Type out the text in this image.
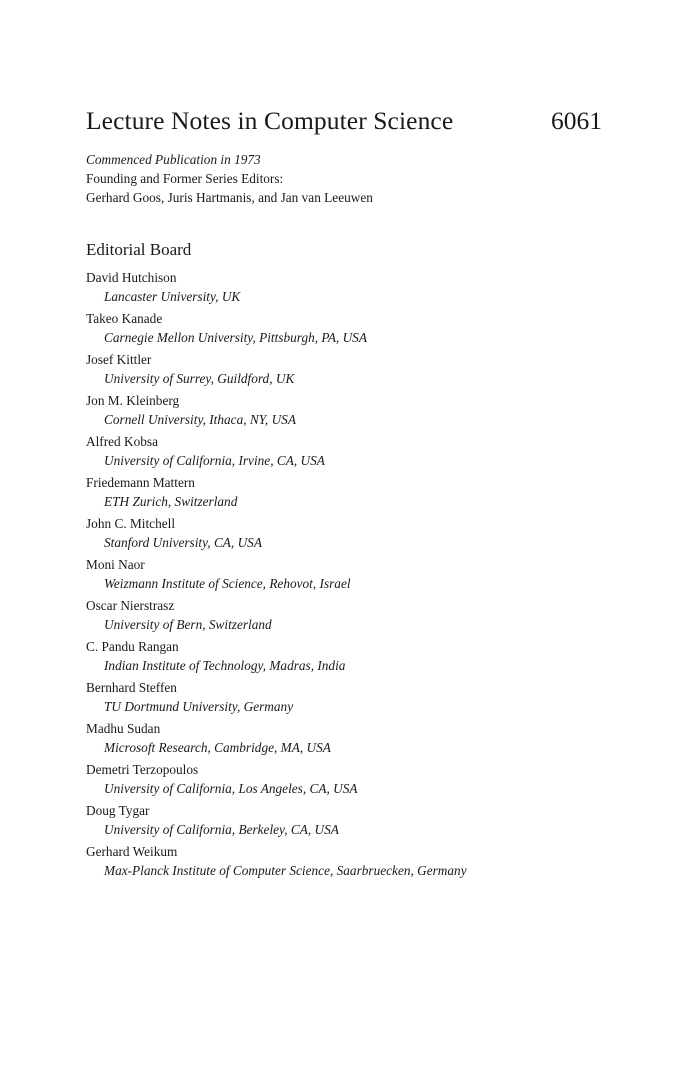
Lecture Notes in Computer Science	6061
Commenced Publication in 1973
Founding and Former Series Editors:
Gerhard Goos, Juris Hartmanis, and Jan van Leeuwen
Editorial Board
David Hutchison
Lancaster University, UK
Takeo Kanade
Carnegie Mellon University, Pittsburgh, PA, USA
Josef Kittler
University of Surrey, Guildford, UK
Jon M. Kleinberg
Cornell University, Ithaca, NY, USA
Alfred Kobsa
University of California, Irvine, CA, USA
Friedemann Mattern
ETH Zurich, Switzerland
John C. Mitchell
Stanford University, CA, USA
Moni Naor
Weizmann Institute of Science, Rehovot, Israel
Oscar Nierstrasz
University of Bern, Switzerland
C. Pandu Rangan
Indian Institute of Technology, Madras, India
Bernhard Steffen
TU Dortmund University, Germany
Madhu Sudan
Microsoft Research, Cambridge, MA, USA
Demetri Terzopoulos
University of California, Los Angeles, CA, USA
Doug Tygar
University of California, Berkeley, CA, USA
Gerhard Weikum
Max-Planck Institute of Computer Science, Saarbruecken, Germany
